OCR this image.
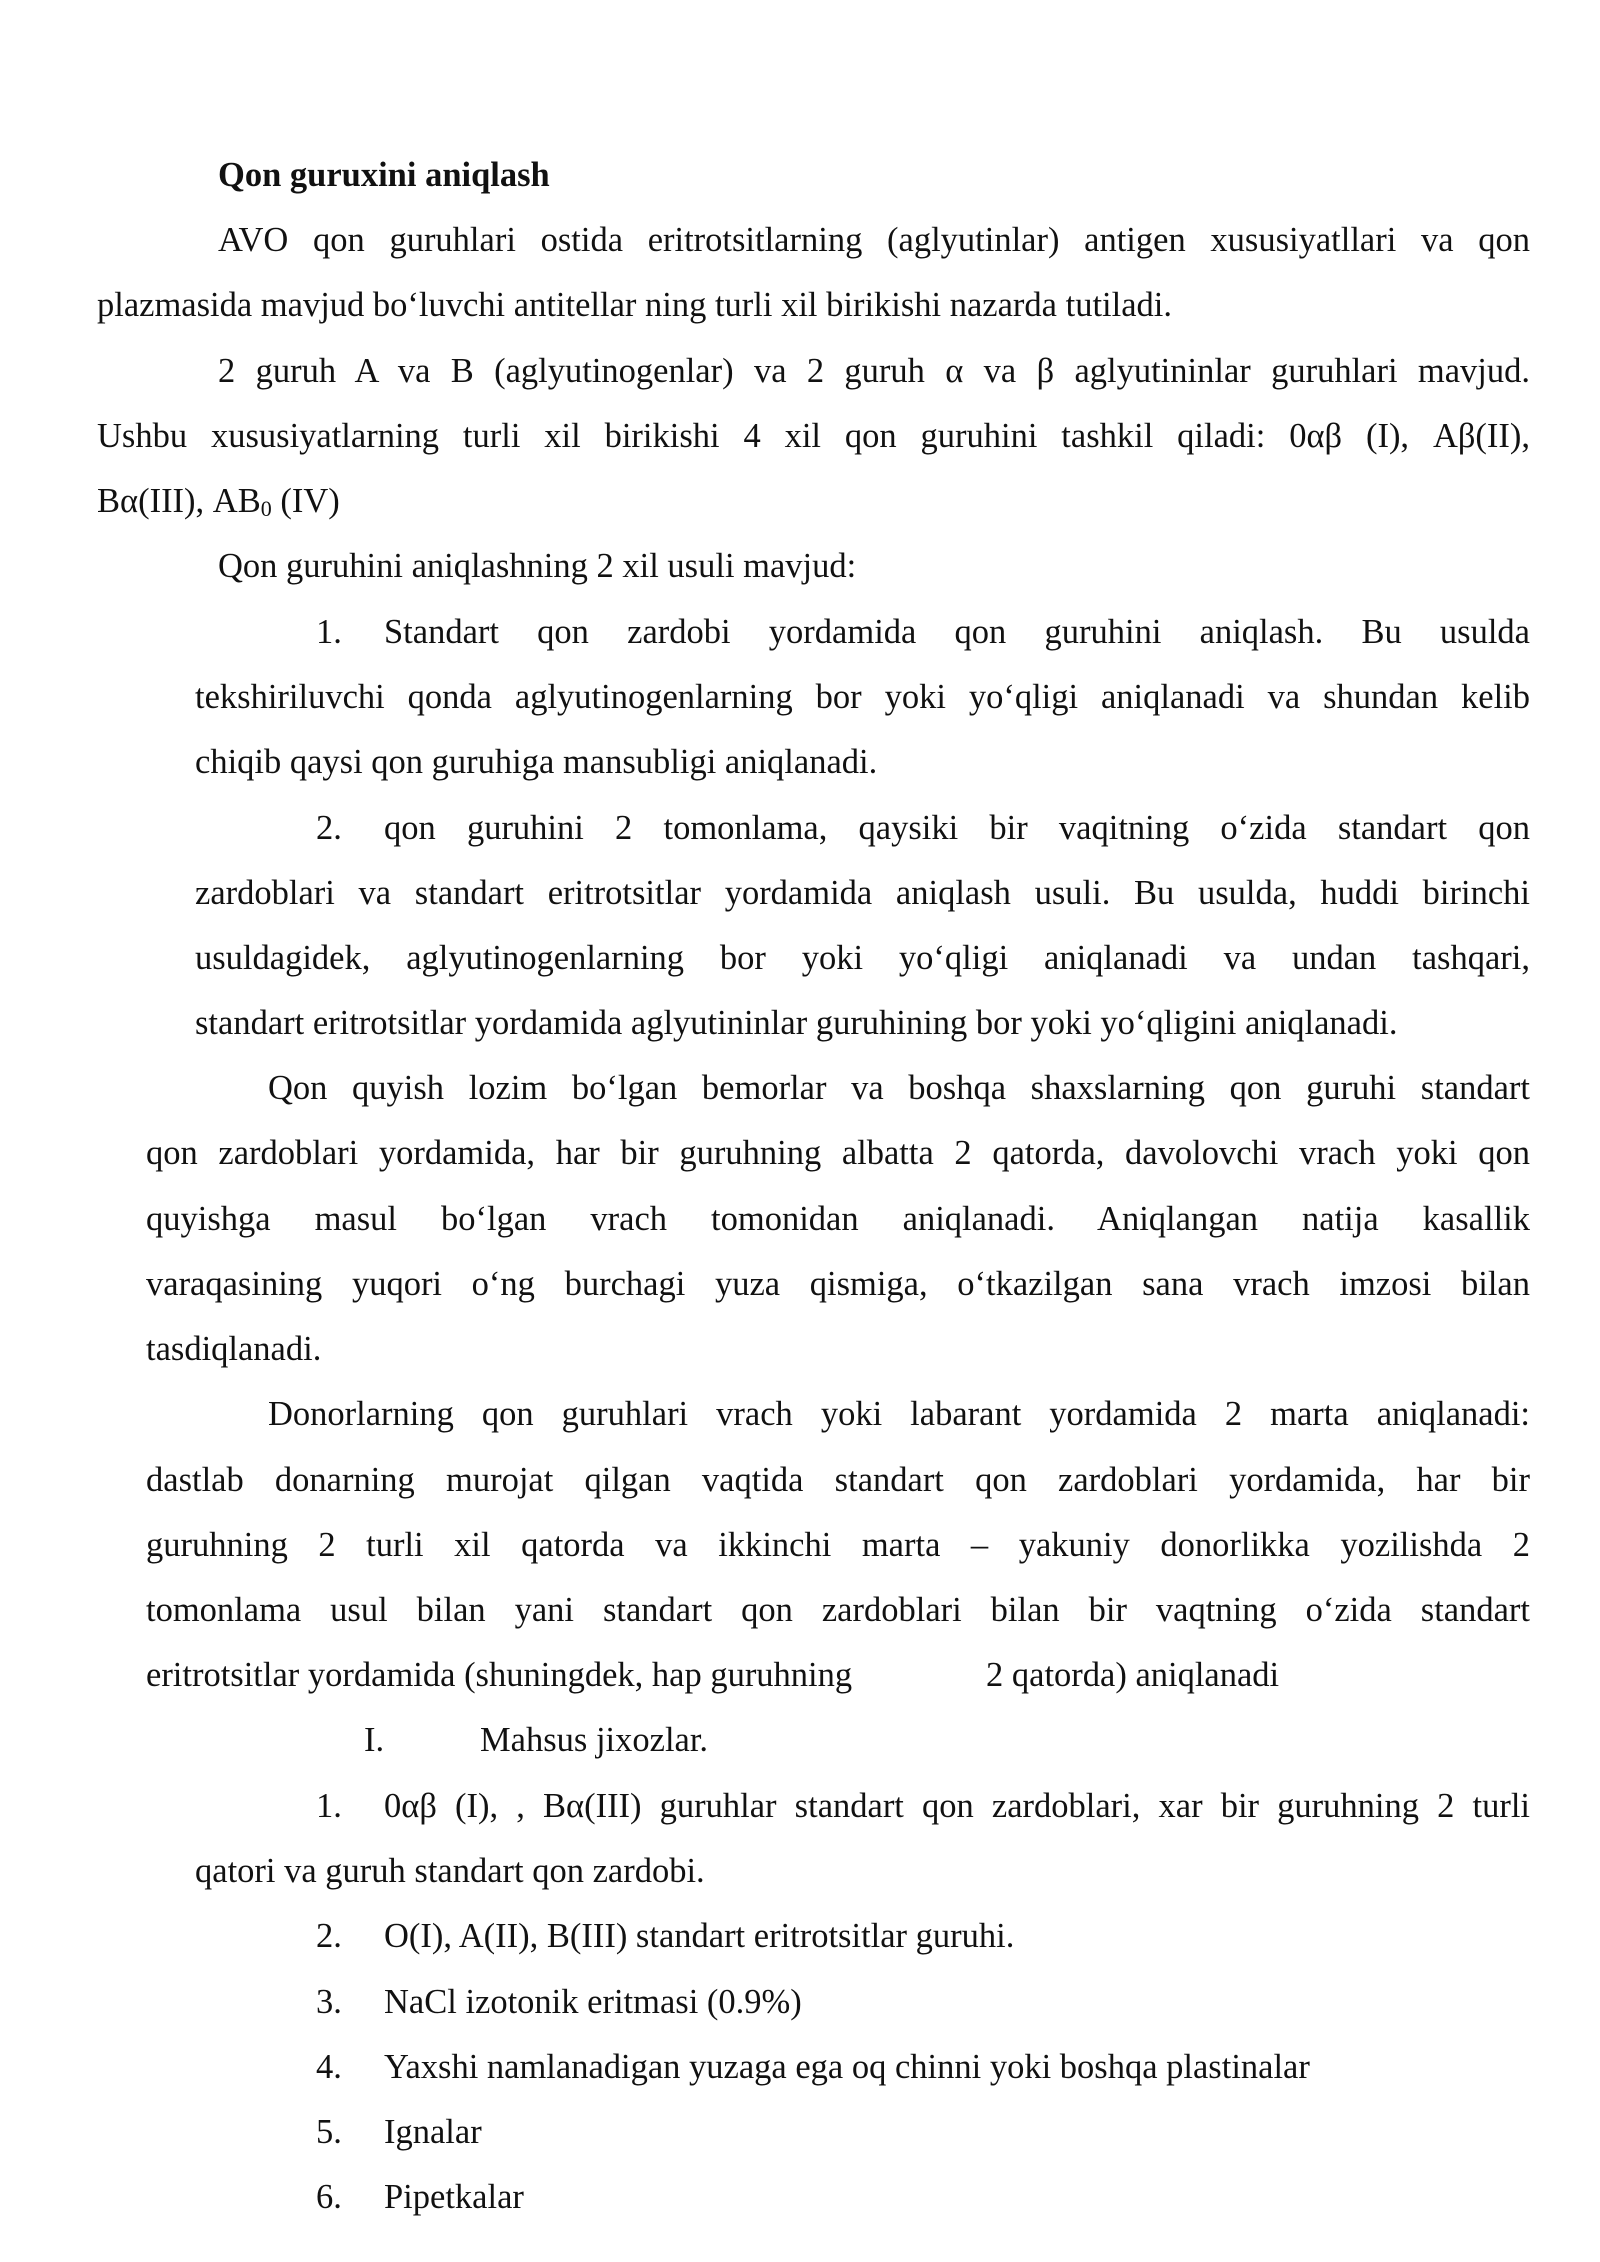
Qon guruxini aniqlash
AVO qon guruhlari ostida eritrotsitlarning (aglyutinlar) antigen xususiyatllari va qon
plazmasida mavjud bo‘luvchi antitellar ning turli xil birikishi nazarda tutiladi.
2 guruh A va B (aglyutinogenlar) va 2 guruh α va β aglyutininlar guruhlari mavjud.
Ushbu xususiyatlarning turli xil birikishi 4 xil qon guruhini tashkil qiladi: 0αβ (I), Aβ(II),
Bα(III), $AB_0$ (IV)
Qon guruhini aniqlashning 2 xil usuli mavjud:
1. Standart qon zardobi yordamida qon guruhini aniqlash. Bu usulda
tekshiriluvchi qonda aglyutinogenlarning bor yoki yo‘qligi aniqlanadi va shundan kelib
chiqib qaysi qon guruhiga mansubligi aniqlanadi.
2. qon guruhini 2 tomonlama, qaysiki bir vaqitning o‘zida standart qon
zardoblari va standart eritrotsitlar yordamida aniqlash usuli. Bu usulda, huddi birinchi
usuldagidek, aglyutinogenlarning bor yoki yo‘qligi aniqlanadi va undan tashqari,
standart eritrotsitlar yordamida aglyutininlar guruhining bor yoki yo‘qligini aniqlanadi.
Qon quyish lozim bo‘lgan bemorlar va boshqa shaxslarning qon guruhi standart
qon zardoblari yordamida, har bir guruhning albatta 2 qatorda, davolovchi vrach yoki qon
quyishga masul bo‘lgan vrach tomonidan aniqlanadi. Aniqlangan natija kasallik
varaqasining yuqori o‘ng burchagi yuza qismiga, o‘tkazilgan sana vrach imzosi bilan
tasdiqlanadi.
Donorlarning qon guruhlari vrach yoki labarant yordamida 2 marta aniqlanadi:
dastlab donarning murojat qilgan vaqtida standart qon zardoblari yordamida, har bir
guruhning 2 turli xil qatorda va ikkinchi marta – yakuniy donorlikka yozilishda 2
tomonlama usul bilan yani standart qon zardoblari bilan bir vaqtning o‘zida standart
eritrotsitlar yordamida (shuningdek, hap guruhning	2 qatorda) aniqlanadi
I.	Mahsus jixozlar.
1. 0αβ (I), , Bα(III) guruhlar standart qon zardoblari, xar bir guruhning 2 turli
qatori va guruh standart qon zardobi.
2. O(I), A(II), B(III) standart eritrotsitlar guruhi.
3. NaCl izotonik eritmasi (0.9%)
4. Yaxshi namlanadigan yuzaga ega oq chinni yoki boshqa plastinalar
5. Ignalar
6. Pipetkalar
